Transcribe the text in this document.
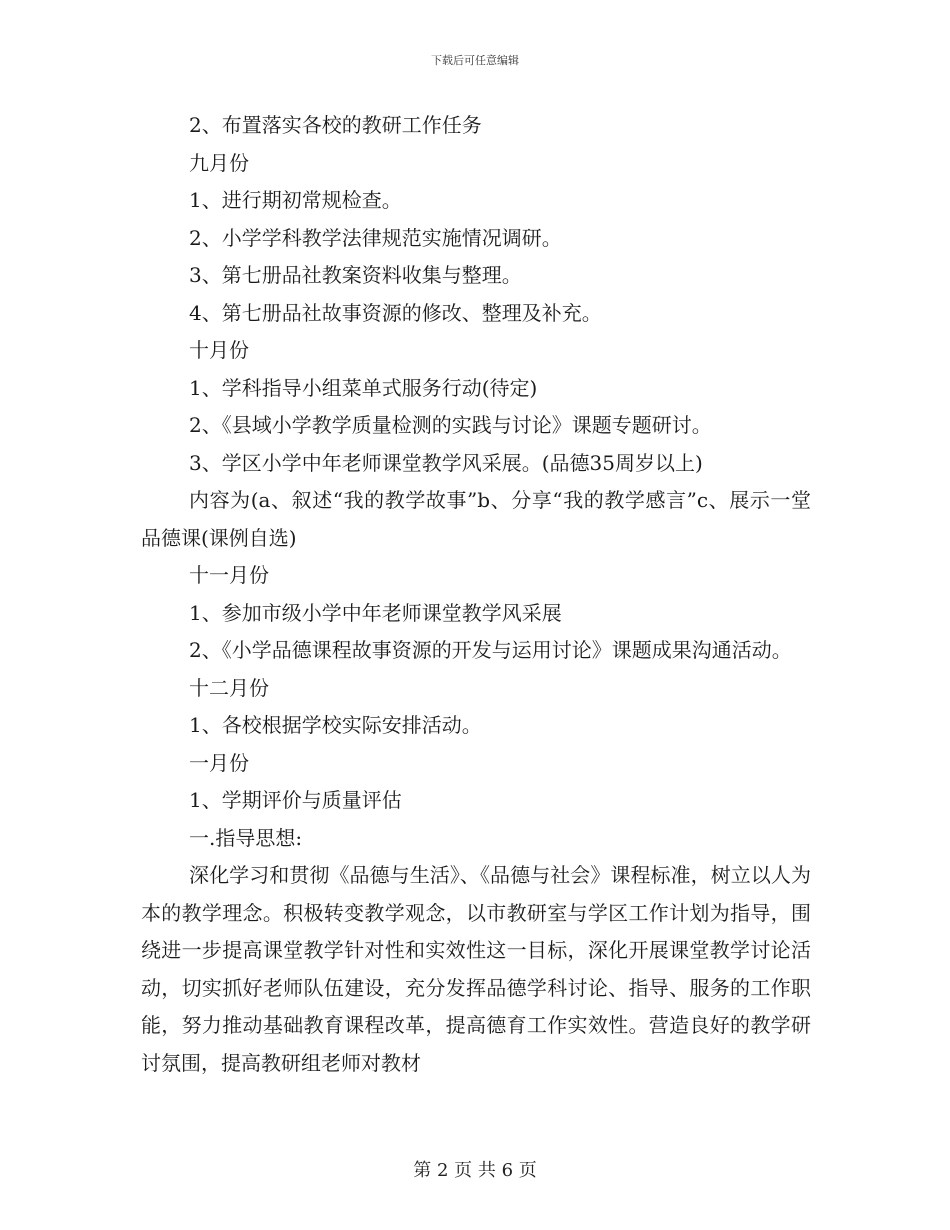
下载后可任意编辑

2、布置落实各校的教研工作任务

九月份

1、进行期初常规检查。

2、小学学科教学法律规范实施情况调研。

3、第七册品社教案资料收集与整理。

4、第七册品社故事资源的修改、整理及补充。

十月份

1、学科指导小组菜单式服务行动(待定)

2、《县域小学教学质量检测的实践与讨论》课题专题研讨。

3、学区小学中年老师课堂教学风采展。(品德35周岁以上)

内容为(a、叙述“我的教学故事”b、分享“我的教学感言”c、展示一堂品德课(课例自选)

十一月份

1、参加市级小学中年老师课堂教学风采展

2、《小学品德课程故事资源的开发与运用讨论》课题成果沟通活动。

十二月份

1、各校根据学校实际安排活动。

一月份

1、学期评价与质量评估

一.指导思想:

深化学习和贯彻《品德与生活》、《品德与社会》课程标准，树立以人为本的教学理念。积极转变教学观念，以市教研室与学区工作计划为指导，围绕进一步提高课堂教学针对性和实效性这一目标，深化开展课堂教学讨论活动，切实抓好老师队伍建设，充分发挥品德学科讨论、指导、服务的工作职能，努力推动基础教育课程改革，提高德育工作实效性。营造良好的教学研讨氛围，提高教研组老师对教材

第 2 页 共 6 页
